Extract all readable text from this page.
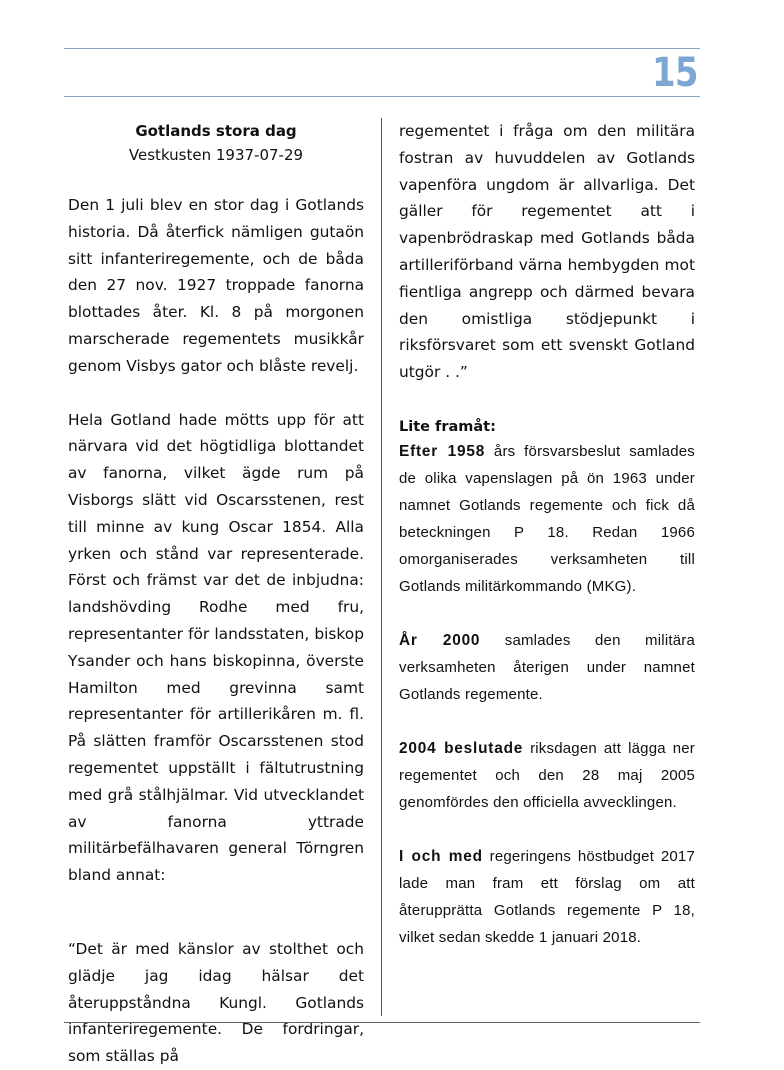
15
Gotlands stora dag
Vestkusten 1937-07-29

Den 1 juli blev en stor dag i Gotlands historia. Då återfick nämligen gutaön sitt infanteriregemente, och de båda den 27 nov. 1927 troppade fanorna blottades åter. Kl. 8 på morgonen marscherade regementets musikkår genom Visbys gator och blåste revelj.

Hela Gotland hade mötts upp för att närvara vid det högtidliga blottandet av fanorna, vilket ägde rum på Visborgs slätt vid Oscarsstenen, rest till minne av kung Oscar 1854. Alla yrken och stånd var representerade. Först och främst var det de inbjudna: landshövding Rodhe med fru, representanter för landsstaten, biskop Ysander och hans biskopinna, överste Hamilton med grevinna samt representanter för artillerikåren m. fl. På slätten framför Oscarsstenen stod regementet uppställt i fältutrustning med grå stålhjälmar. Vid utvecklandet av fanorna yttrade militärbefälhavaren general Törngren bland annat:

“Det är med känslor av stolthet och glädje jag idag hälsar det återuppståndna Kungl. Gotlands infanteriregemente. De fordringar, som ställas på

regementet i fråga om den militära fostran av huvuddelen av Gotlands vapenföra ungdom är allvarliga. Det gäller för regementet att i vapenbrödraskap med Gotlands båda artilleriförband värna hembygden mot fientliga angrepp och därmed bevara den omistliga stödjepunkt i riksförsvaret som ett svenskt Gotland utgör . .”

Lite framåt:

Efter 1958 års försvarsbeslut samlades de olika vapenslagen på ön 1963 under namnet Gotlands regemente och fick då beteckningen P 18. Redan 1966 omorganiserades verksamheten till Gotlands militärkommando (MKG).

År 2000 samlades den militära verksamheten återigen under namnet Gotlands regemente.

2004 beslutade riksdagen att lägga ner regementet och den 28 maj 2005 genomfördes den officiella avvecklingen.

I och med regeringens höstbudget 2017 lade man fram ett förslag om att återupprätta Gotlands regemente P 18, vilket sedan skedde 1 januari 2018.
